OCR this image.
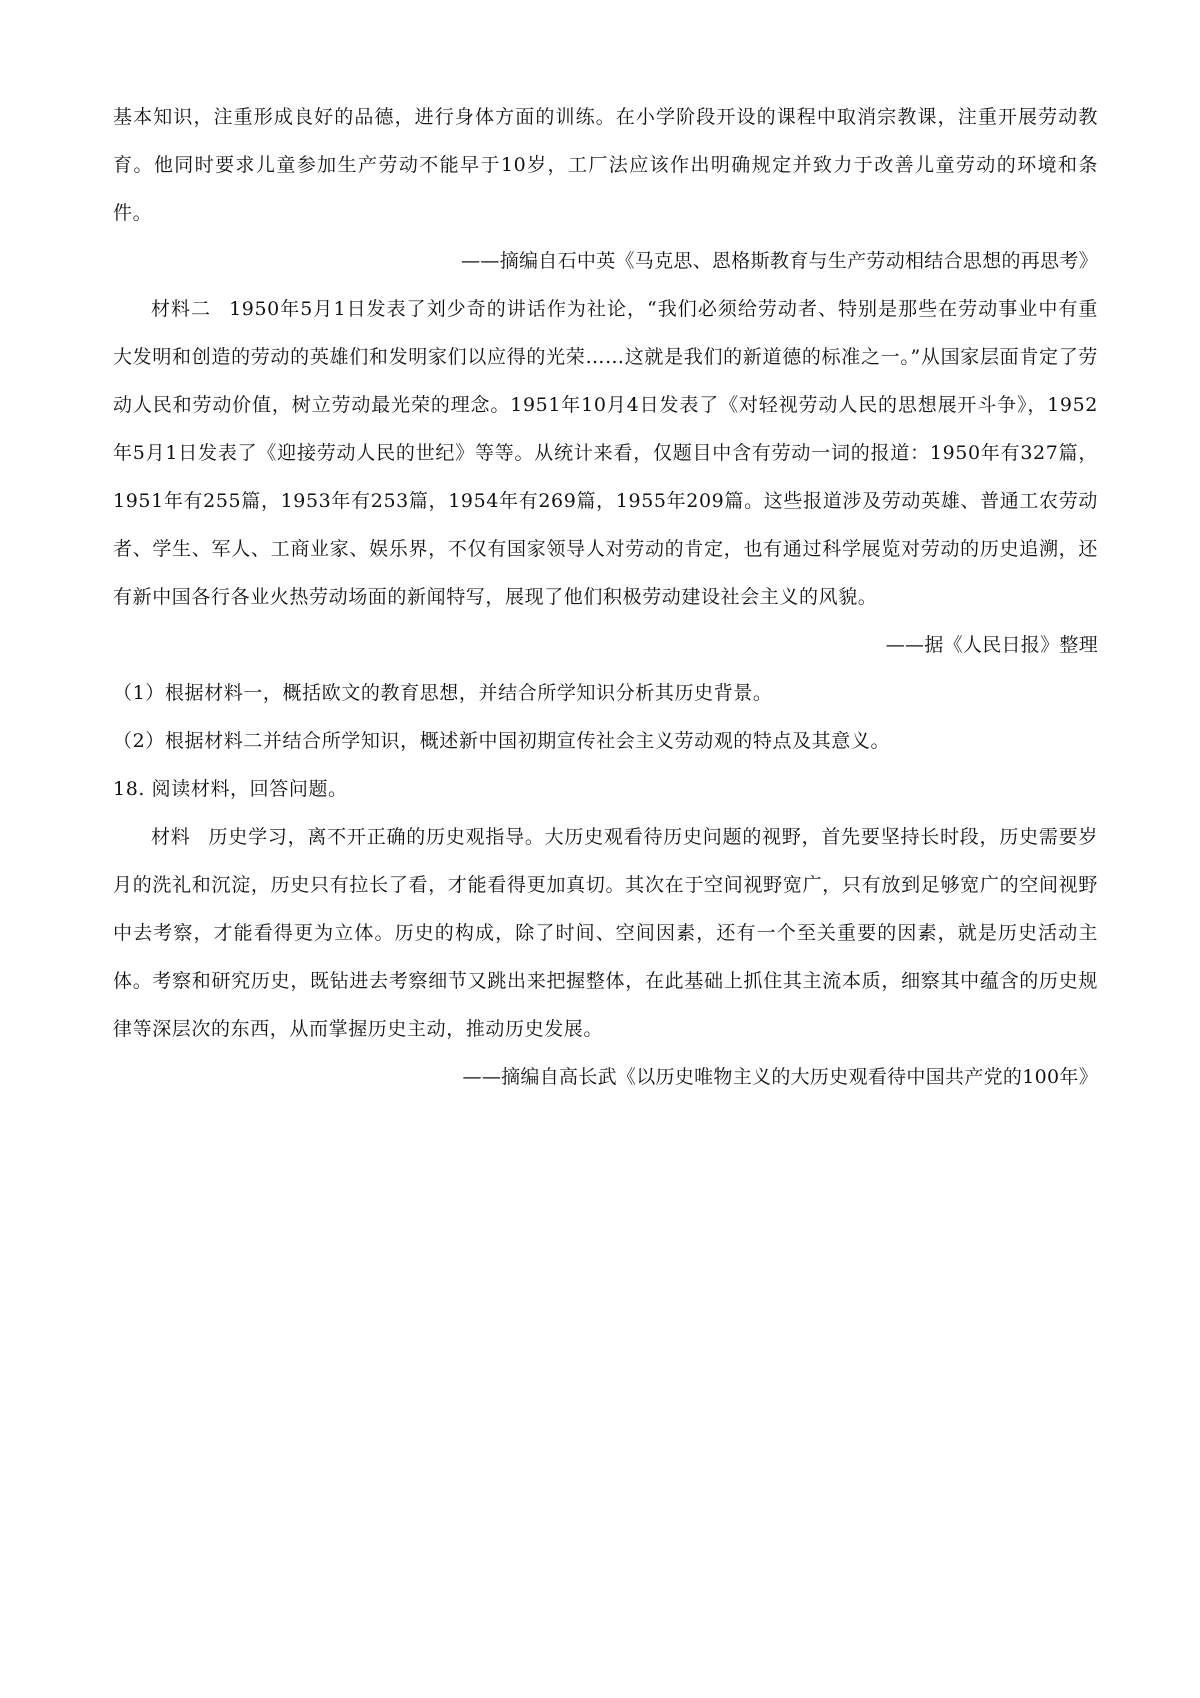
基本知识，注重形成良好的品德，进行身体方面的训练。在小学阶段开设的课程中取消宗教课，注重开展劳动教育。他同时要求儿童参加生产劳动不能早于10岁，工厂法应该作出明确规定并致力于改善儿童劳动的环境和条件。

——摘编自石中英《马克思、恩格斯教育与生产劳动相结合思想的再思考》

材料二 1950年5月1日发表了刘少奇的讲话作为社论，“我们必须给劳动者、特别是那些在劳动事业中有重大发明和创造的劳动的英雄们和发明家们以应得的光荣……这就是我们的新道德的标准之一。”从国家层面肯定了劳动人民和劳动价值，树立劳动最光荣的理念。1951年10月4日发表了《对轻视劳动人民的思想展开斗争》，1952年5月1日发表了《迎接劳动人民的世纪》等等。从统计来看，仅题目中含有劳动一词的报道：1950年有327篇，1951年有255篇，1953年有253篇，1954年有269篇，1955年209篇。这些报道涉及劳动英雄、普通工农劳动者、学生、军人、工商业家、娱乐界，不仅有国家领导人对劳动的肯定，也有通过科学展览对劳动的历史追溯，还有新中国各行各业火热劳动场面的新闻特写，展现了他们积极劳动建设社会主义的风貌。

——据《人民日报》整理

（1）根据材料一，概括欧文的教育思想，并结合所学知识分析其历史背景。

（2）根据材料二并结合所学知识，概述新中国初期宣传社会主义劳动观的特点及其意义。

18. 阅读材料，回答问题。

材料 历史学习，离不开正确的历史观指导。大历史观看待历史问题的视野，首先要坚持长时段，历史需要岁月的洗礼和沉淀，历史只有拉长了看，才能看得更加真切。其次在于空间视野宽广，只有放到足够宽广的空间视野中去考察，才能看得更为立体。历史的构成，除了时间、空间因素，还有一个至关重要的因素，就是历史活动主体。考察和研究历史，既钻进去考察细节又跳出来把握整体，在此基础上抓住其主流本质，细察其中蕴含的历史规律等深层次的东西，从而掌握历史主动，推动历史发展。

——摘编自高长武《以历史唯物主义的大历史观看待中国共产党的100年》
